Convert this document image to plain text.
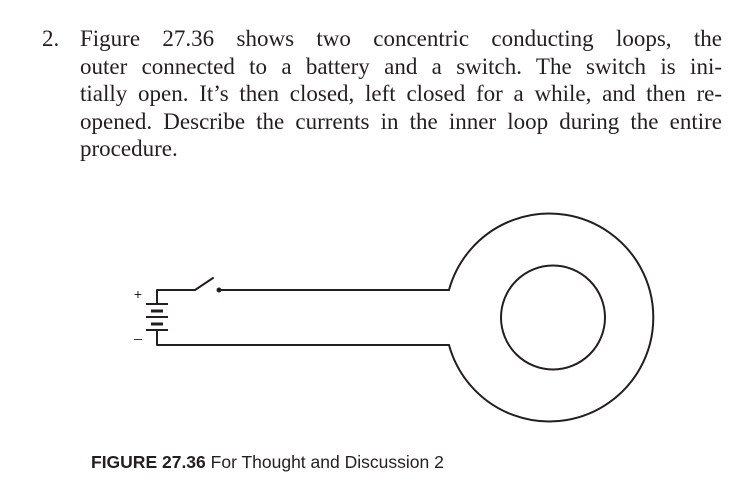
2. Figure 27.36 shows two concentric conducting loops, the
outer connected to a battery and a switch. The switch is ini-
tially open. It’s then closed, left closed for a while, and then re-
opened. Describe the currents in the inner loop during the entire
procedure.
+
–
FIGURE 27.36 For Thought and Discussion 2
